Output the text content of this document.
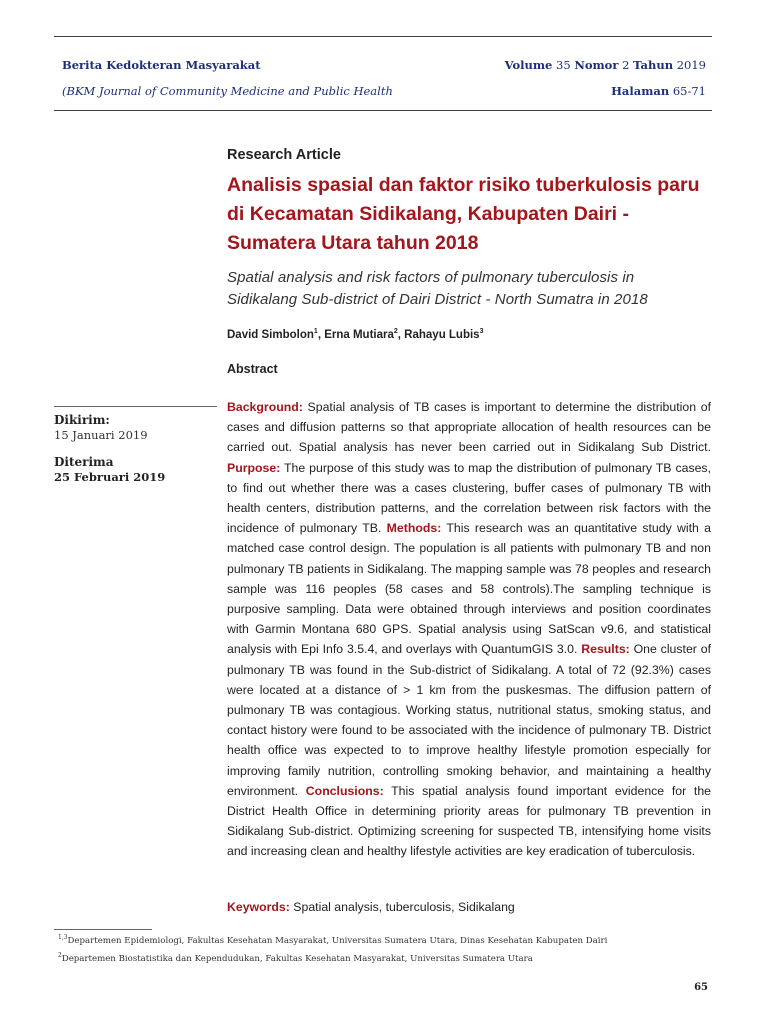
Berita Kedokteran Masyarakat
(BKM Journal of Community Medicine and Public Health
Volume 35 Nomor 2 Tahun 2019
Halaman 65-71
Research Article
Analisis spasial dan faktor risiko tuberkulosis paru di Kecamatan Sidikalang, Kabupaten Dairi - Sumatera Utara tahun 2018
Spatial analysis and risk factors of pulmonary tuberculosis in
Sidikalang Sub-district of Dairi District - North Sumatra in 2018
David Simbolon$^1$, Erna Mutiara$^2$, Rahayu Lubis$^3$
Abstract
Dikirim:
15 Januari 2019
Diterima
25 Februari 2019

Background: Spatial analysis of TB cases is important to determine the distribution of cases and diffusion patterns so that appropriate allocation of health resources can be carried out. Spatial analysis has never been carried out in Sidikalang Sub District. Purpose: The purpose of this study was to map the distribution of pulmonary TB cases, to find out whether there was a cases clustering, buffer cases of pulmonary TB with health centers, distribution patterns, and the correlation between risk factors with the incidence of pulmonary TB. Methods: This research was an quantitative study with a matched case control design. The population is all patients with pulmonary TB and non pulmonary TB patients in Sidikalang. The mapping sample was 78 peoples and research sample was 116 peoples (58 cases and 58 controls).The sampling technique is purposive sampling. Data were obtained through interviews and position coordinates with Garmin Montana 680 GPS. Spatial analysis using SatScan v9.6, and statistical analysis with Epi Info 3.5.4, and overlays with QuantumGIS 3.0. Results: One cluster of pulmonary TB was found in the Sub-district of Sidikalang. A total of 72 (92.3%) cases were located at a distance of > 1 km from the puskesmas. The diffusion pattern of pulmonary TB was contagious. Working status, nutritional status, smoking status, and contact history were found to be associated with the incidence of pulmonary TB. District health office was expected to to improve healthy lifestyle promotion especially for improving family nutrition, controlling smoking behavior, and maintaining a healthy environment. Conclusions: This spatial analysis found important evidence for the District Health Office in determining priority areas for pulmonary TB prevention in Sidikalang Sub-district. Optimizing screening for suspected TB, intensifying home visits and increasing clean and healthy lifestyle activities are key eradication of tuberculosis.

Keywords: Spatial analysis, tuberculosis, Sidikalang
$^{1,3}$Departemen Epidemiologi, Fakultas Kesehatan Masyarakat, Universitas Sumatera Utara, Dinas Kesehatan Kabupaten Dairi
$^2$Departemen Biostatistika dan Kependudukan, Fakultas Kesehatan Masyarakat, Universitas Sumatera Utara
65
